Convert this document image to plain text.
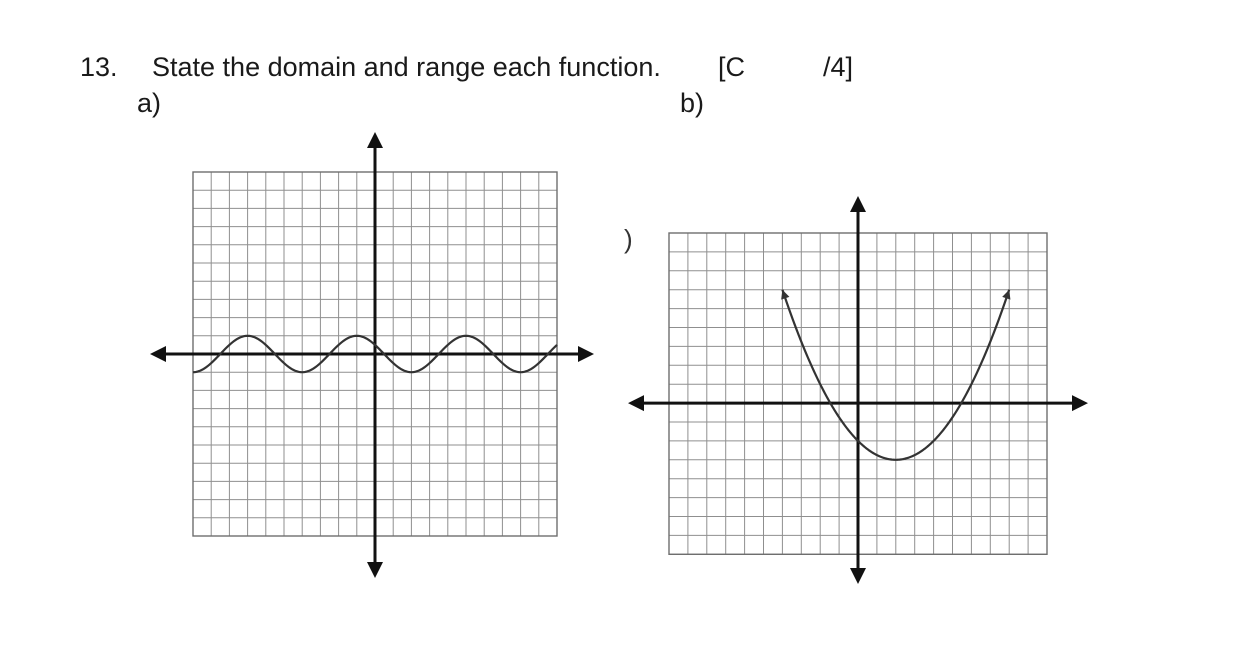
13. State the domain and range each function. [C	/4]
a)	b)
)
